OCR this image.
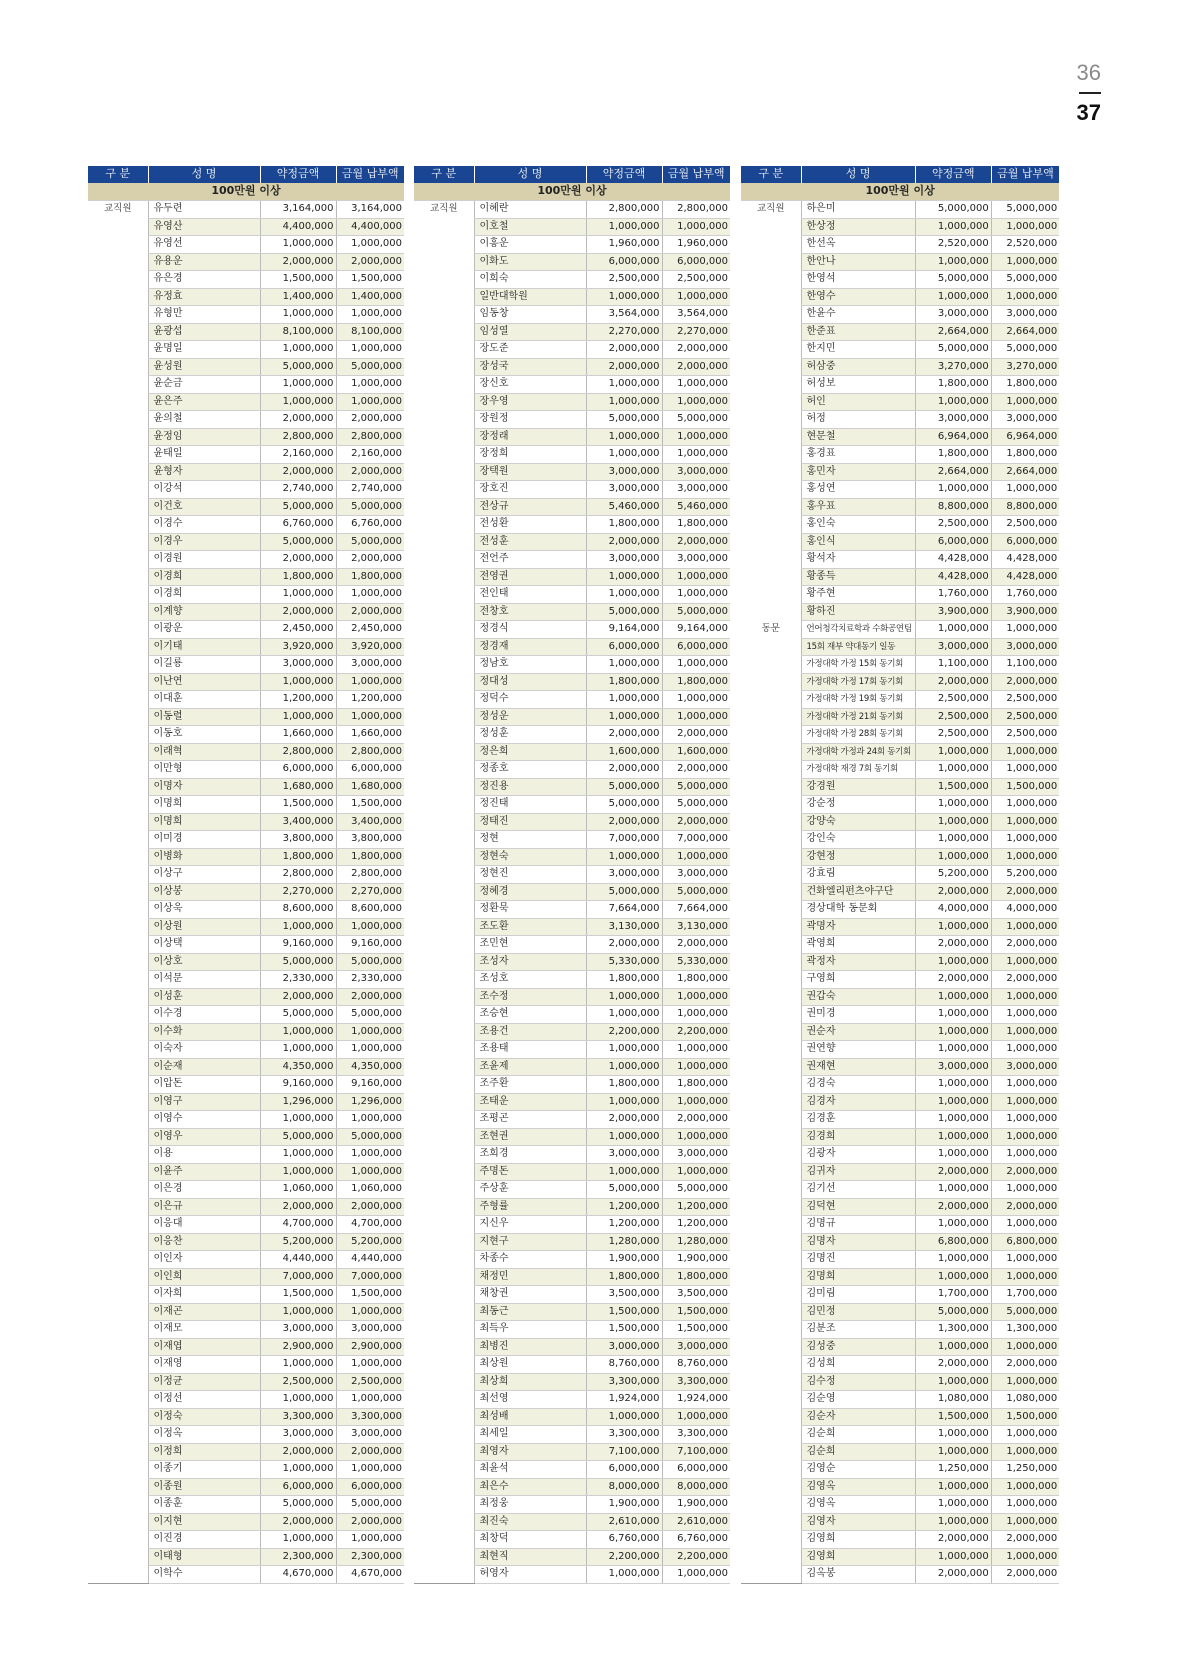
36
37
구 분	성 명	약정금액	금월 납부액
100만원 이상			
교직원	유두련	3,164,000	3,164,000
	유영산	4,400,000	4,400,000
	유영선	1,000,000	1,000,000
	유용운	2,000,000	2,000,000
	유은경	1,500,000	1,500,000
	유정효	1,400,000	1,400,000
	유형만	1,000,000	1,000,000
	윤광섭	8,100,000	8,100,000
	윤명일	1,000,000	1,000,000
	윤성원	5,000,000	5,000,000
	윤순금	1,000,000	1,000,000
	윤은주	1,000,000	1,000,000
	윤의철	2,000,000	2,000,000
	윤정임	2,800,000	2,800,000
	윤태일	2,160,000	2,160,000
	윤형자	2,000,000	2,000,000
	이강석	2,740,000	2,740,000
	이건호	5,000,000	5,000,000
	이경수	6,760,000	6,760,000
	이경우	5,000,000	5,000,000
	이경원	2,000,000	2,000,000
	이경희	1,800,000	1,800,000
	이경희	1,000,000	1,000,000
	이계향	2,000,000	2,000,000
	이광운	2,450,000	2,450,000
	이기태	3,920,000	3,920,000
	이길룡	3,000,000	3,000,000
	이난연	1,000,000	1,000,000
	이대훈	1,200,000	1,200,000
	이동렬	1,000,000	1,000,000
	이동호	1,660,000	1,660,000
	이래혁	2,800,000	2,800,000
	이만형	6,000,000	6,000,000
	이명자	1,680,000	1,680,000
	이명희	1,500,000	1,500,000
	이명희	3,400,000	3,400,000
	이미경	3,800,000	3,800,000
	이병화	1,800,000	1,800,000
	이상구	2,800,000	2,800,000
	이상봉	2,270,000	2,270,000
	이상욱	8,600,000	8,600,000
	이상원	1,000,000	1,000,000
	이상택	9,160,000	9,160,000
	이상호	5,000,000	5,000,000
	이석문	2,330,000	2,330,000
	이성훈	2,000,000	2,000,000
	이수경	5,000,000	5,000,000
	이수화	1,000,000	1,000,000
	이숙자	1,000,000	1,000,000
	이순재	4,350,000	4,350,000
	이압돈	9,160,000	9,160,000
	이영구	1,296,000	1,296,000
	이영수	1,000,000	1,000,000
	이영우	5,000,000	5,000,000
	이용	1,000,000	1,000,000
	이윤주	1,000,000	1,000,000
	이은경	1,060,000	1,060,000
	이은규	2,000,000	2,000,000
	이응대	4,700,000	4,700,000
	이응찬	5,200,000	5,200,000
	이인자	4,440,000	4,440,000
	이인희	7,000,000	7,000,000
	이자희	1,500,000	1,500,000
	이재곤	1,000,000	1,000,000
	이재모	3,000,000	3,000,000
	이재엽	2,900,000	2,900,000
	이재영	1,000,000	1,000,000
	이정균	2,500,000	2,500,000
	이정선	1,000,000	1,000,000
	이정숙	3,300,000	3,300,000
	이정옥	3,000,000	3,000,000
	이정희	2,000,000	2,000,000
	이종기	1,000,000	1,000,000
	이종원	6,000,000	6,000,000
	이종훈	5,000,000	5,000,000
	이지현	2,000,000	2,000,000
	이진경	1,000,000	1,000,000
	이태형	2,300,000	2,300,000
	이학수	4,670,000	4,670,000
구 분	성 명	약정금액	금월 납부액
100만원 이상			
교직원	이혜란	2,800,000	2,800,000
	이호철	1,000,000	1,000,000
	이홍운	1,960,000	1,960,000
	이화도	6,000,000	6,000,000
	이희숙	2,500,000	2,500,000
	일반대학원	1,000,000	1,000,000
	임동창	3,564,000	3,564,000
	임성열	2,270,000	2,270,000
	장도준	2,000,000	2,000,000
	장성국	2,000,000	2,000,000
	장신호	1,000,000	1,000,000
	장우영	1,000,000	1,000,000
	장원정	5,000,000	5,000,000
	장정래	1,000,000	1,000,000
	장정희	1,000,000	1,000,000
	장택원	3,000,000	3,000,000
	장호진	3,000,000	3,000,000
	전상규	5,460,000	5,460,000
	전성환	1,800,000	1,800,000
	전성훈	2,000,000	2,000,000
	전언주	3,000,000	3,000,000
	전영권	1,000,000	1,000,000
	전인태	1,000,000	1,000,000
	전창호	5,000,000	5,000,000
	정경식	9,164,000	9,164,000
	정경재	6,000,000	6,000,000
	정남호	1,000,000	1,000,000
	정대성	1,800,000	1,800,000
	정덕수	1,000,000	1,000,000
	정성운	1,000,000	1,000,000
	정성훈	2,000,000	2,000,000
	정은희	1,600,000	1,600,000
	정종호	2,000,000	2,000,000
	정진용	5,000,000	5,000,000
	정진태	5,000,000	5,000,000
	정태진	2,000,000	2,000,000
	정현	7,000,000	7,000,000
	정현숙	1,000,000	1,000,000
	정현진	3,000,000	3,000,000
	정혜경	5,000,000	5,000,000
	정환묵	7,664,000	7,664,000
	조도환	3,130,000	3,130,000
	조민현	2,000,000	2,000,000
	조성자	5,330,000	5,330,000
	조성호	1,800,000	1,800,000
	조수정	1,000,000	1,000,000
	조승현	1,000,000	1,000,000
	조용건	2,200,000	2,200,000
	조용태	1,000,000	1,000,000
	조윤제	1,000,000	1,000,000
	조주환	1,800,000	1,800,000
	조태운	1,000,000	1,000,000
	조평곤	2,000,000	2,000,000
	조현권	1,000,000	1,000,000
	조희경	3,000,000	3,000,000
	주명돈	1,000,000	1,000,000
	주상훈	5,000,000	5,000,000
	주형률	1,200,000	1,200,000
	지신우	1,200,000	1,200,000
	지현구	1,280,000	1,280,000
	차종수	1,900,000	1,900,000
	채정민	1,800,000	1,800,000
	채창권	3,500,000	3,500,000
	최동근	1,500,000	1,500,000
	최득우	1,500,000	1,500,000
	최병진	3,000,000	3,000,000
	최상원	8,760,000	8,760,000
	최상희	3,300,000	3,300,000
	최선영	1,924,000	1,924,000
	최성배	1,000,000	1,000,000
	최세일	3,300,000	3,300,000
	최영자	7,100,000	7,100,000
	최윤석	6,000,000	6,000,000
	최은수	8,000,000	8,000,000
	최정웅	1,900,000	1,900,000
	최진숙	2,610,000	2,610,000
	최창덕	6,760,000	6,760,000
	최현직	2,200,000	2,200,000
	허영자	1,000,000	1,000,000
구 분	성 명	약정금액	금월 납부액
100만원 이상			
교직원	하은미	5,000,000	5,000,000
	한상정	1,000,000	1,000,000
	한선옥	2,520,000	2,520,000
	한안나	1,000,000	1,000,000
	한영석	5,000,000	5,000,000
	한영수	1,000,000	1,000,000
	한윤수	3,000,000	3,000,000
	한준표	2,664,000	2,664,000
	한지민	5,000,000	5,000,000
	허삼중	3,270,000	3,270,000
	허성보	1,800,000	1,800,000
	허인	1,000,000	1,000,000
	허정	3,000,000	3,000,000
	현문철	6,964,000	6,964,000
	홍경표	1,800,000	1,800,000
	홍민자	2,664,000	2,664,000
	홍성연	1,000,000	1,000,000
	홍우표	8,800,000	8,800,000
	홍인숙	2,500,000	2,500,000
	홍인식	6,000,000	6,000,000
	황석자	4,428,000	4,428,000
	황종득	4,428,000	4,428,000
	황주현	1,760,000	1,760,000
	황하진	3,900,000	3,900,000
동문	언어청각치료학과 수화공연팀	1,000,000	1,000,000
	15회 재부 약대동기 일동	3,000,000	3,000,000
	가정대학 가정 15회 동기회	1,100,000	1,100,000
	가정대학 가정 17회 동기회	2,000,000	2,000,000
	가정대학 가정 19회 동기회	2,500,000	2,500,000
	가정대학 가정 21회 동기회	2,500,000	2,500,000
	가정대학 가정 28회 동기회	2,500,000	2,500,000
	가정대학 가정과 24회 동기회	1,000,000	1,000,000
	가정대학 재경 7회 동기회	1,000,000	1,000,000
	강경원	1,500,000	1,500,000
	강순정	1,000,000	1,000,000
	강양숙	1,000,000	1,000,000
	강인숙	1,000,000	1,000,000
	강현정	1,000,000	1,000,000
	강효림	5,200,000	5,200,000
	건화엘리펀츠야구단	2,000,000	2,000,000
	경상대학 동문회	4,000,000	4,000,000
	곽명자	1,000,000	1,000,000
	곽영희	2,000,000	2,000,000
	곽정자	1,000,000	1,000,000
	구영희	2,000,000	2,000,000
	권갑숙	1,000,000	1,000,000
	권미경	1,000,000	1,000,000
	권순자	1,000,000	1,000,000
	권연향	1,000,000	1,000,000
	권재현	3,000,000	3,000,000
	김경숙	1,000,000	1,000,000
	김경자	1,000,000	1,000,000
	김경훈	1,000,000	1,000,000
	김경희	1,000,000	1,000,000
	김광자	1,000,000	1,000,000
	김귀자	2,000,000	2,000,000
	김기선	1,000,000	1,000,000
	김덕현	2,000,000	2,000,000
	김명규	1,000,000	1,000,000
	김명자	6,800,000	6,800,000
	김명진	1,000,000	1,000,000
	김명희	1,000,000	1,000,000
	김미림	1,700,000	1,700,000
	김민정	5,000,000	5,000,000
	김분조	1,300,000	1,300,000
	김성중	1,000,000	1,000,000
	김성희	2,000,000	2,000,000
	김수정	1,000,000	1,000,000
	김순영	1,080,000	1,080,000
	김순자	1,500,000	1,500,000
	김순희	1,000,000	1,000,000
	김순희	1,000,000	1,000,000
	김영순	1,250,000	1,250,000
	김영옥	1,000,000	1,000,000
	김영옥	1,000,000	1,000,000
	김영자	1,000,000	1,000,000
	김영희	2,000,000	2,000,000
	김영희	1,000,000	1,000,000
	김옥봉	2,000,000	2,000,000
